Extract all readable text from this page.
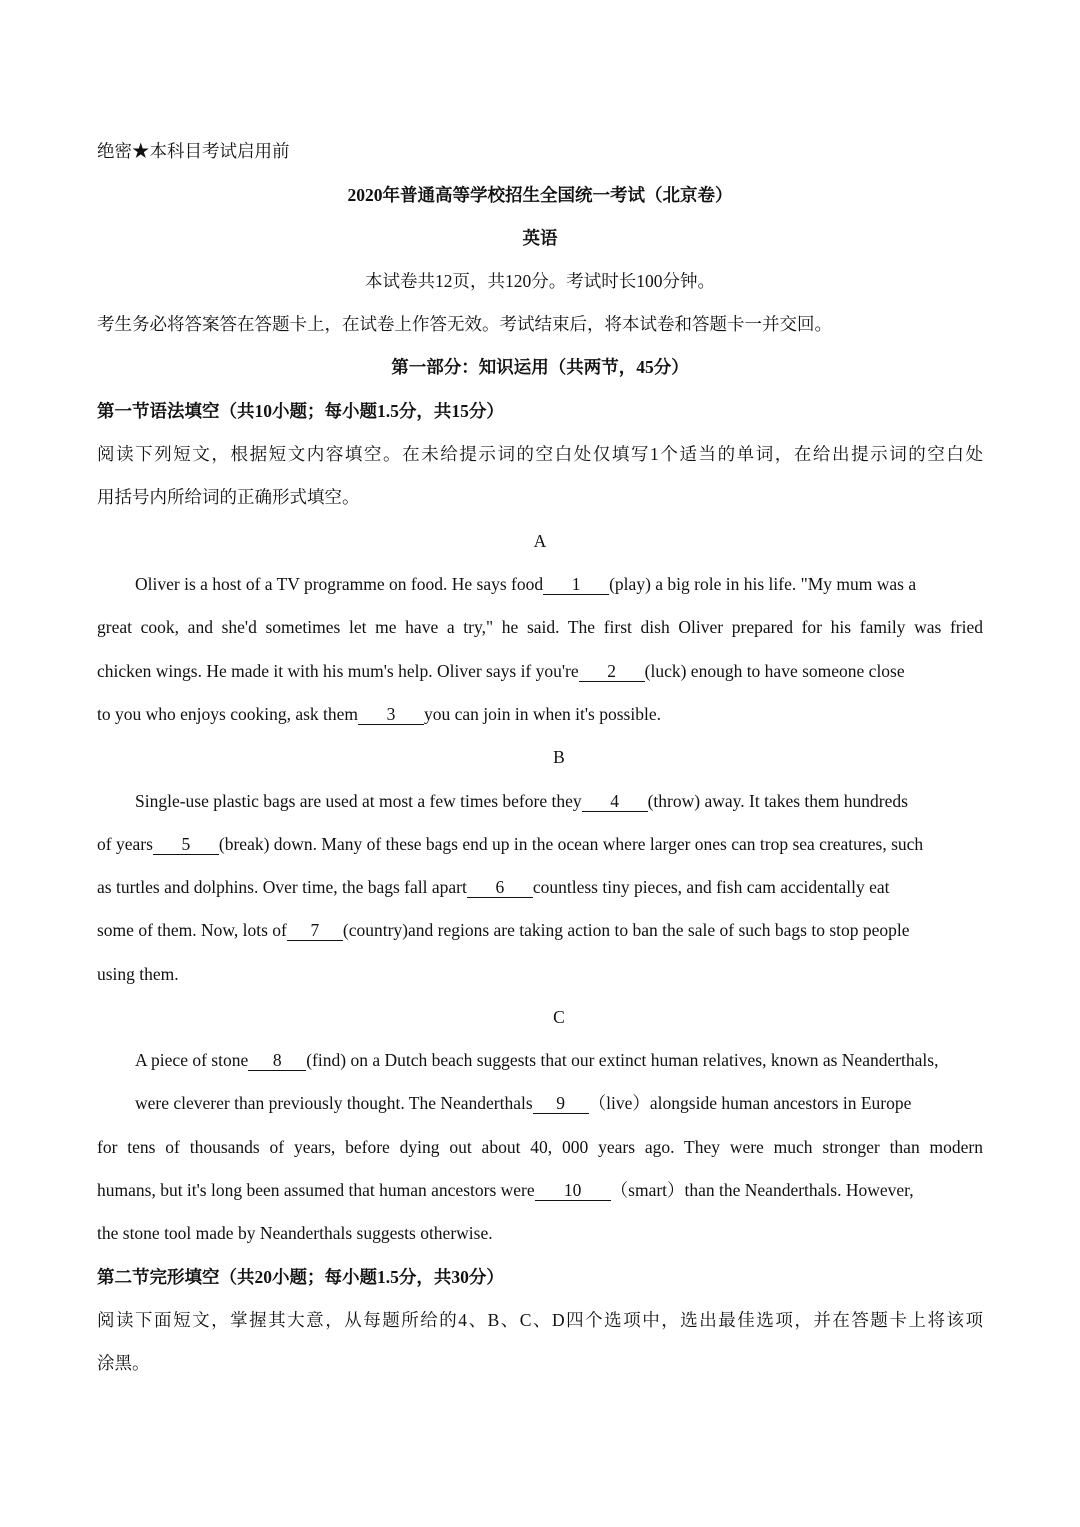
绝密★本科目考试启用前
2020年普通高等学校招生全国统一考试（北京卷）
英语
本试卷共12页，共120分。考试时长100分钟。
考生务必将答案答在答题卡上，在试卷上作答无效。考试结束后，将本试卷和答题卡一并交回。
第一部分：知识运用（共两节，45分）
第一节语法填空（共10小题；每小题1.5分，共15分）
阅读下列短文，根据短文内容填空。在未给提示词的空白处仅填写1个适当的单词，在给出提示词的空白处
用括号内所给词的正确形式填空。
A
Oliver is a host of a TV programme on food. He says food 1 (play) a big role in his life. "My mum was a
great cook, and she'd sometimes let me have a try," he said. The first dish Oliver prepared for his family was fried
chicken wings. He made it with his mum's help. Oliver says if you're 2 (luck) enough to have someone close
to you who enjoys cooking, ask them 3 you can join in when it's possible.
B
Single-use plastic bags are used at most a few times before they 4 (throw) away. It takes them hundreds
of years 5 (break) down. Many of these bags end up in the ocean where larger ones can trop sea creatures, such
as turtles and dolphins. Over time, the bags fall apart 6 countless tiny pieces, and fish cam accidentally eat
some of them. Now, lots of 7 (country)and regions are taking action to ban the sale of such bags to stop people
using them.
C
A piece of stone 8 (find) on a Dutch beach suggests that our extinct human relatives, known as Neanderthals,
were cleverer than previously thought. The Neanderthals 9 （live）alongside human ancestors in Europe
for tens of thousands of years, before dying out about 40, 000 years ago. They were much stronger than modern
humans, but it's long been assumed that human ancestors were 10 （smart）than the Neanderthals. However,
the stone tool made by Neanderthals suggests otherwise.
第二节完形填空（共20小题；每小题1.5分，共30分）
阅读下面短文，掌握其大意，从每题所给的4、B、C、D四个选项中，选出最佳选项，并在答题卡上将该项
涂黑。
